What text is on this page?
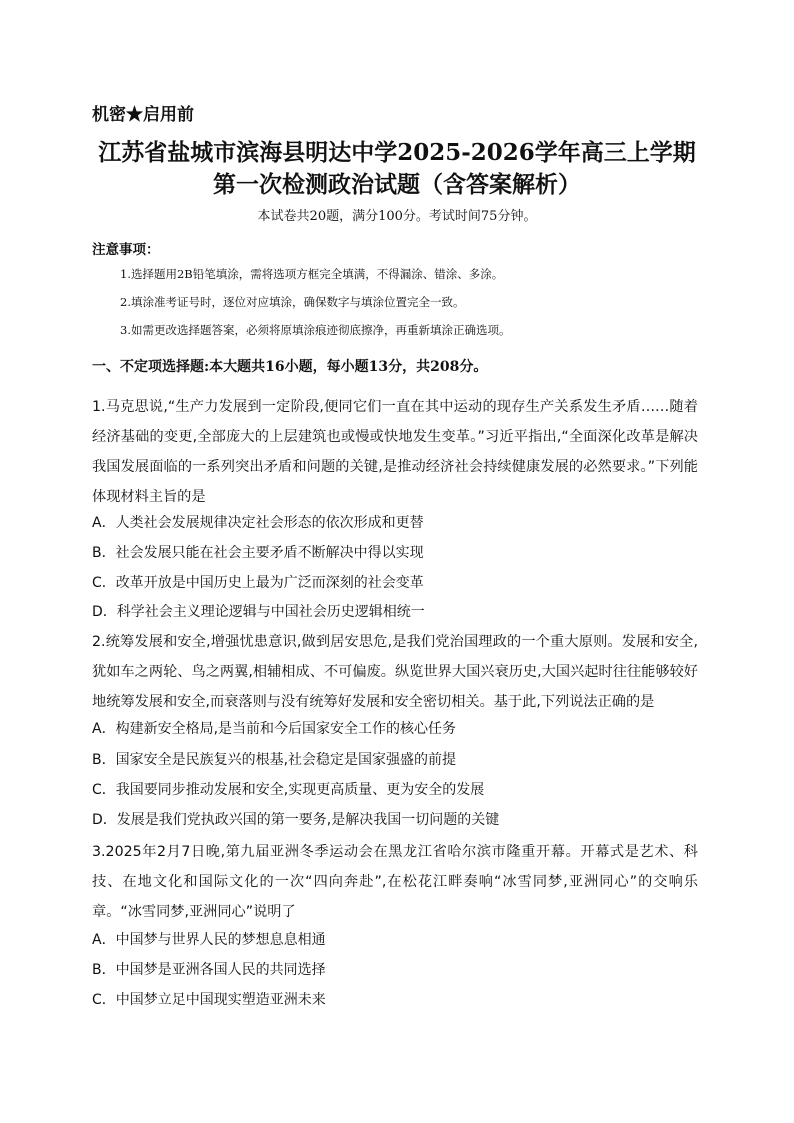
机密★启用前
江苏省盐城市滨海县明达中学2025-2026学年高三上学期
第一次检测政治试题（含答案解析）
本试卷共20题，满分100分。考试时间75分钟。
注意事项：
1.选择题用2B铅笔填涂，需将选项方框完全填满，不得漏涂、错涂、多涂。
2.填涂准考证号时，逐位对应填涂，确保数字与填涂位置完全一致。
3.如需更改选择题答案，必须将原填涂痕迹彻底擦净，再重新填涂正确选项。
一、不定项选择题:本大题共16小题，每小题13分，共208分。
1.马克思说,“生产力发展到一定阶段,便同它们一直在其中运动的现存生产关系发生矛盾……随着经济基础的变更,全部庞大的上层建筑也或慢或快地发生变革。”习近平指出,“全面深化改革是解决我国发展面临的一系列突出矛盾和问题的关键,是推动经济社会持续健康发展的必然要求。”下列能体现材料主旨的是
A．人类社会发展规律决定社会形态的依次形成和更替
B．社会发展只能在社会主要矛盾不断解决中得以实现
C．改革开放是中国历史上最为广泛而深刻的社会变革
D．科学社会主义理论逻辑与中国社会历史逻辑相统一
2.统筹发展和安全,增强忧患意识,做到居安思危,是我们党治国理政的一个重大原则。发展和安全,犹如车之两轮、鸟之两翼,相辅相成、不可偏废。纵览世界大国兴衰历史,大国兴起时往往能够较好地统筹发展和安全,而衰落则与没有统筹好发展和安全密切相关。基于此,下列说法正确的是
A．构建新安全格局,是当前和今后国家安全工作的核心任务
B．国家安全是民族复兴的根基,社会稳定是国家强盛的前提
C．我国要同步推动发展和安全,实现更高质量、更为安全的发展
D．发展是我们党执政兴国的第一要务,是解决我国一切问题的关键
3.2025年2月7日晚,第九届亚洲冬季运动会在黑龙江省哈尔滨市隆重开幕。开幕式是艺术、科技、在地文化和国际文化的一次“四向奔赴”,在松花江畔奏响“冰雪同梦,亚洲同心”的交响乐章。“冰雪同梦,亚洲同心”说明了
A．中国梦与世界人民的梦想息息相通
B．中国梦是亚洲各国人民的共同选择
C．中国梦立足中国现实塑造亚洲未来
